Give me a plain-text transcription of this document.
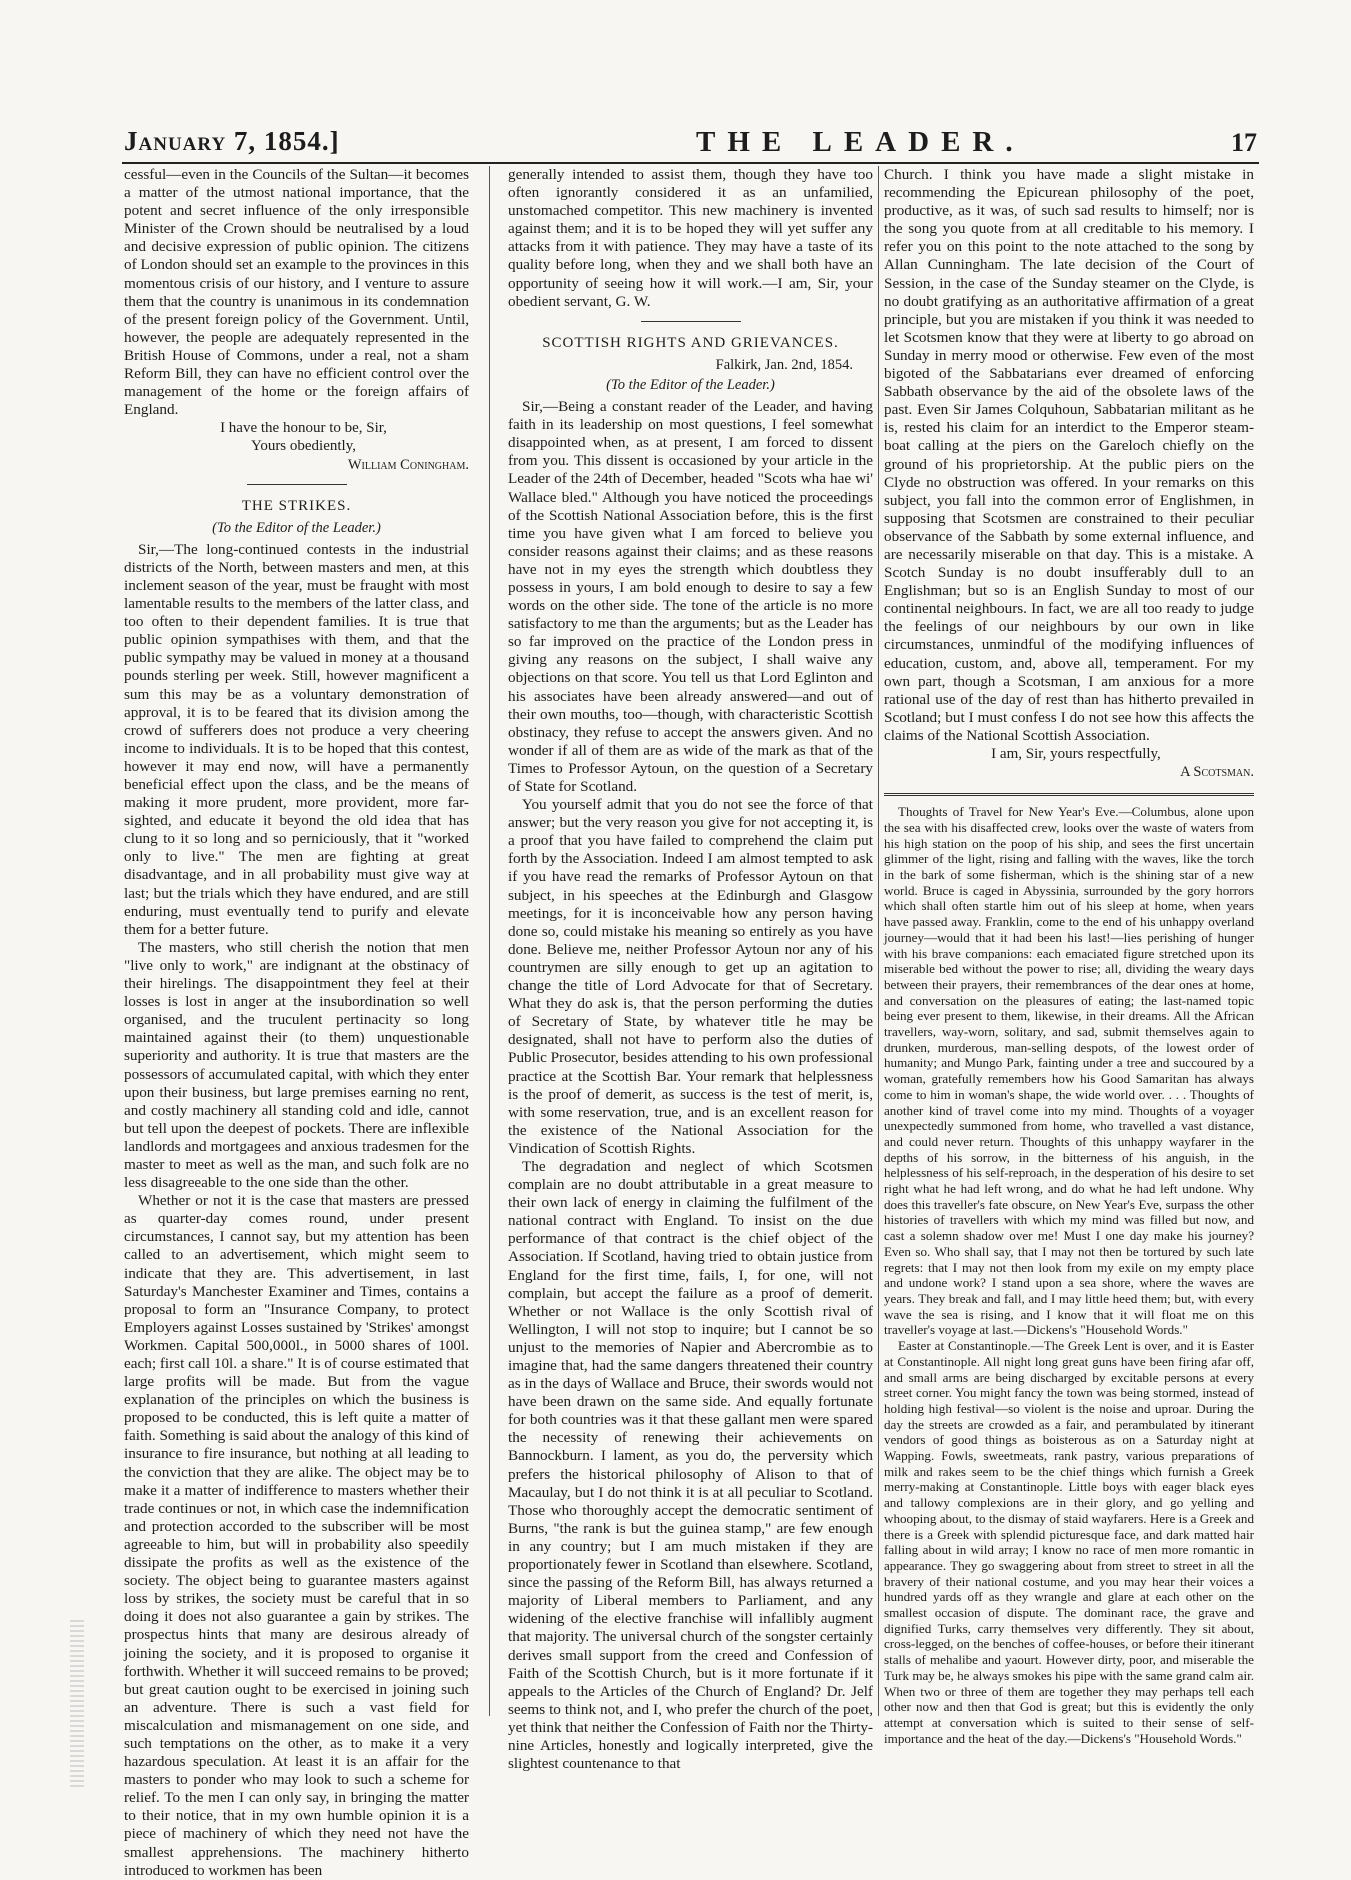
January 7, 1854.]	THE LEADER.	17

cessful—even in the Councils of the Sultan—it becomes a matter of the utmost national importance, that the potent and secret influence of the only irresponsible Minister of the Crown should be neutralised by a loud and decisive expression of public opinion. The citizens of London should set an example to the provinces in this momentous crisis of our history, and I venture to assure them that the country is unanimous in its condemnation of the present foreign policy of the Government. Until, however, the people are adequately represented in the British House of Commons, under a real, not a sham Reform Bill, they can have no efficient control over the management of the home or the foreign affairs of England.

I have the honour to be, Sir,

Yours obediently,

William Coningham.

THE STRIKES.
(To the Editor of the Leader.)

Sir,—The long-continued contests in the industrial districts of the North, between masters and men, at this inclement season of the year, must be fraught with most lamentable results to the members of the latter class, and too often to their dependent families. It is true that public opinion sympathises with them, and that the public sympathy may be valued in money at a thousand pounds sterling per week. Still, however magnificent a sum this may be as a voluntary demonstration of approval, it is to be feared that its division among the crowd of sufferers does not produce a very cheering income to individuals. It is to be hoped that this contest, however it may end now, will have a permanently beneficial effect upon the class, and be the means of making it more prudent, more provident, more far-sighted, and educate it beyond the old idea that has clung to it so long and so perniciously, that it "worked only to live." The men are fighting at great disadvantage, and in all probability must give way at last; but the trials which they have endured, and are still enduring, must eventually tend to purify and elevate them for a better future.

The masters, who still cherish the notion that men "live only to work," are indignant at the obstinacy of their hirelings. The disappointment they feel at their losses is lost in anger at the insubordination so well organised, and the truculent pertinacity so long maintained against their (to them) unquestionable superiority and authority. It is true that masters are the possessors of accumulated capital, with which they enter upon their business, but large premises earning no rent, and costly machinery all standing cold and idle, cannot but tell upon the deepest of pockets. There are inflexible landlords and mortgagees and anxious tradesmen for the master to meet as well as the man, and such folk are no less disagreeable to the one side than the other.

Whether or not it is the case that masters are pressed as quarter-day comes round, under present circumstances, I cannot say, but my attention has been called to an advertisement, which might seem to indicate that they are. This advertisement, in last Saturday's Manchester Examiner and Times, contains a proposal to form an "Insurance Company, to protect Employers against Losses sustained by 'Strikes' amongst Workmen. Capital 500,000l., in 5000 shares of 100l. each; first call 10l. a share." It is of course estimated that large profits will be made. But from the vague explanation of the principles on which the business is proposed to be conducted, this is left quite a matter of faith. Something is said about the analogy of this kind of insurance to fire insurance, but nothing at all leading to the conviction that they are alike. The object may be to make it a matter of indifference to masters whether their trade continues or not, in which case the indemnification and protection accorded to the subscriber will be most agreeable to him, but will in probability also speedily dissipate the profits as well as the existence of the society. The object being to guarantee masters against loss by strikes, the society must be careful that in so doing it does not also guarantee a gain by strikes. The prospectus hints that many are desirous already of joining the society, and it is proposed to organise it forthwith. Whether it will succeed remains to be proved; but great caution ought to be exercised in joining such an adventure. There is such a vast field for miscalculation and mismanagement on one side, and such temptations on the other, as to make it a very hazardous speculation. At least it is an affair for the masters to ponder who may look to such a scheme for relief. To the men I can only say, in bringing the matter to their notice, that in my own humble opinion it is a piece of machinery of which they need not have the smallest apprehensions. The machinery hitherto introduced to workmen has been

generally intended to assist them, though they have too often ignorantly considered it as an unfamilied, unstomached competitor. This new machinery is invented against them; and it is to be hoped they will yet suffer any attacks from it with patience. They may have a taste of its quality before long, when they and we shall both have an opportunity of seeing how it will work.—I am, Sir, your obedient servant, G. W.

SCOTTISH RIGHTS AND GRIEVANCES.
Falkirk, Jan. 2nd, 1854.
(To the Editor of the Leader.)

Sir,—Being a constant reader of the Leader, and having faith in its leadership on most questions, I feel somewhat disappointed when, as at present, I am forced to dissent from you. This dissent is occasioned by your article in the Leader of the 24th of December, headed "Scots wha hae wi' Wallace bled." Although you have noticed the proceedings of the Scottish National Association before, this is the first time you have given what I am forced to believe you consider reasons against their claims; and as these reasons have not in my eyes the strength which doubtless they possess in yours, I am bold enough to desire to say a few words on the other side. The tone of the article is no more satisfactory to me than the arguments; but as the Leader has so far improved on the practice of the London press in giving any reasons on the subject, I shall waive any objections on that score. You tell us that Lord Eglinton and his associates have been already answered—and out of their own mouths, too—though, with characteristic Scottish obstinacy, they refuse to accept the answers given. And no wonder if all of them are as wide of the mark as that of the Times to Professor Aytoun, on the question of a Secretary of State for Scotland.

You yourself admit that you do not see the force of that answer; but the very reason you give for not accepting it, is a proof that you have failed to comprehend the claim put forth by the Association. Indeed I am almost tempted to ask if you have read the remarks of Professor Aytoun on that subject, in his speeches at the Edinburgh and Glasgow meetings, for it is inconceivable how any person having done so, could mistake his meaning so entirely as you have done. Believe me, neither Professor Aytoun nor any of his countrymen are silly enough to get up an agitation to change the title of Lord Advocate for that of Secretary. What they do ask is, that the person performing the duties of Secretary of State, by whatever title he may be designated, shall not have to perform also the duties of Public Prosecutor, besides attending to his own professional practice at the Scottish Bar. Your remark that helplessness is the proof of demerit, as success is the test of merit, is, with some reservation, true, and is an excellent reason for the existence of the National Association for the Vindication of Scottish Rights.

The degradation and neglect of which Scotsmen complain are no doubt attributable in a great measure to their own lack of energy in claiming the fulfilment of the national contract with England. To insist on the due performance of that contract is the chief object of the Association. If Scotland, having tried to obtain justice from England for the first time, fails, I, for one, will not complain, but accept the failure as a proof of demerit. Whether or not Wallace is the only Scottish rival of Wellington, I will not stop to inquire; but I cannot be so unjust to the memories of Napier and Abercrombie as to imagine that, had the same dangers threatened their country as in the days of Wallace and Bruce, their swords would not have been drawn on the same side. And equally fortunate for both countries was it that these gallant men were spared the necessity of renewing their achievements on Bannockburn. I lament, as you do, the perversity which prefers the historical philosophy of Alison to that of Macaulay, but I do not think it is at all peculiar to Scotland. Those who thoroughly accept the democratic sentiment of Burns, "the rank is but the guinea stamp," are few enough in any country; but I am much mistaken if they are proportionately fewer in Scotland than elsewhere. Scotland, since the passing of the Reform Bill, has always returned a majority of Liberal members to Parliament, and any widening of the elective franchise will infallibly augment that majority. The universal church of the songster certainly derives small support from the creed and Confession of Faith of the Scottish Church, but is it more fortunate if it appeals to the Articles of the Church of England? Dr. Jelf seems to think not, and I, who prefer the church of the poet, yet think that neither the Confession of Faith nor the Thirty-nine Articles, honestly and logically interpreted, give the slightest countenance to that

Church. I think you have made a slight mistake in recommending the Epicurean philosophy of the poet, productive, as it was, of such sad results to himself; nor is the song you quote from at all creditable to his memory. I refer you on this point to the note attached to the song by Allan Cunningham. The late decision of the Court of Session, in the case of the Sunday steamer on the Clyde, is no doubt gratifying as an authoritative affirmation of a great principle, but you are mistaken if you think it was needed to let Scotsmen know that they were at liberty to go abroad on Sunday in merry mood or otherwise. Few even of the most bigoted of the Sabbatarians ever dreamed of enforcing Sabbath observance by the aid of the obsolete laws of the past. Even Sir James Colquhoun, Sabbatarian militant as he is, rested his claim for an interdict to the Emperor steam-boat calling at the piers on the Gareloch chiefly on the ground of his proprietorship. At the public piers on the Clyde no obstruction was offered. In your remarks on this subject, you fall into the common error of Englishmen, in supposing that Scotsmen are constrained to their peculiar observance of the Sabbath by some external influence, and are necessarily miserable on that day. This is a mistake. A Scotch Sunday is no doubt insufferably dull to an Englishman; but so is an English Sunday to most of our continental neighbours. In fact, we are all too ready to judge the feelings of our neighbours by our own in like circumstances, unmindful of the modifying influences of education, custom, and, above all, temperament. For my own part, though a Scotsman, I am anxious for a more rational use of the day of rest than has hitherto prevailed in Scotland; but I must confess I do not see how this affects the claims of the National Scottish Association.

I am, Sir, yours respectfully,

A Scotsman.

Thoughts of Travel for New Year's Eve.—Columbus, alone upon the sea with his disaffected crew, looks over the waste of waters from his high station on the poop of his ship, and sees the first uncertain glimmer of the light, rising and falling with the waves, like the torch in the bark of some fisherman, which is the shining star of a new world. Bruce is caged in Abyssinia, surrounded by the gory horrors which shall often startle him out of his sleep at home, when years have passed away. Franklin, come to the end of his unhappy overland journey—would that it had been his last!—lies perishing of hunger with his brave companions: each emaciated figure stretched upon its miserable bed without the power to rise; all, dividing the weary days between their prayers, their remembrances of the dear ones at home, and conversation on the pleasures of eating; the last-named topic being ever present to them, likewise, in their dreams. All the African travellers, way-worn, solitary, and sad, submit themselves again to drunken, murderous, man-selling despots, of the lowest order of humanity; and Mungo Park, fainting under a tree and succoured by a woman, gratefully remembers how his Good Samaritan has always come to him in woman's shape, the wide world over. . . . Thoughts of another kind of travel come into my mind. Thoughts of a voyager unexpectedly summoned from home, who travelled a vast distance, and could never return. Thoughts of this unhappy wayfarer in the depths of his sorrow, in the bitterness of his anguish, in the helplessness of his self-reproach, in the desperation of his desire to set right what he had left wrong, and do what he had left undone. Why does this traveller's fate obscure, on New Year's Eve, surpass the other histories of travellers with which my mind was filled but now, and cast a solemn shadow over me! Must I one day make his journey? Even so. Who shall say, that I may not then be tortured by such late regrets: that I may not then look from my exile on my empty place and undone work? I stand upon a sea shore, where the waves are years. They break and fall, and I may little heed them; but, with every wave the sea is rising, and I know that it will float me on this traveller's voyage at last.—Dickens's "Household Words."

Easter at Constantinople.—The Greek Lent is over, and it is Easter at Constantinople. All night long great guns have been firing afar off, and small arms are being discharged by excitable persons at every street corner. You might fancy the town was being stormed, instead of holding high festival—so violent is the noise and uproar. During the day the streets are crowded as a fair, and perambulated by itinerant vendors of good things as boisterous as on a Saturday night at Wapping. Fowls, sweetmeats, rank pastry, various preparations of milk and rakes seem to be the chief things which furnish a Greek merry-making at Constantinople. Little boys with eager black eyes and tallowy complexions are in their glory, and go yelling and whooping about, to the dismay of staid wayfarers. Here is a Greek and there is a Greek with splendid picturesque face, and dark matted hair falling about in wild array; I know no race of men more romantic in appearance. They go swaggering about from street to street in all the bravery of their national costume, and you may hear their voices a hundred yards off as they wrangle and glare at each other on the smallest occasion of dispute. The dominant race, the grave and dignified Turks, carry themselves very differently. They sit about, cross-legged, on the benches of coffee-houses, or before their itinerant stalls of mehalibe and yaourt. However dirty, poor, and miserable the Turk may be, he always smokes his pipe with the same grand calm air. When two or three of them are together they may perhaps tell each other now and then that God is great; but this is evidently the only attempt at conversation which is suited to their sense of self-importance and the heat of the day.—Dickens's "Household Words."
